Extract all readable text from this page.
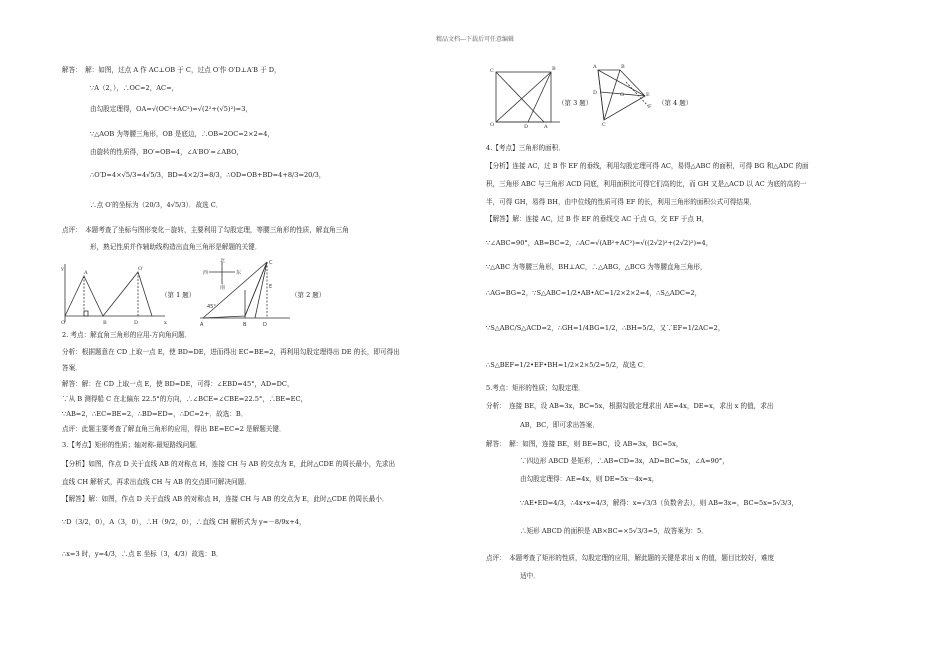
精品文档---下载后可任意编辑
解答：　解：如图，过点 A 作 AC⊥OB 于 C，过点 O′作 O′D⊥A′B 于 D，
∵A（2，），∴OC=2，AC=，
由勾股定理得，OA=√(OC²+AC²)=√(2²+(√5)²)=3，
∵△AOB 为等腰三角形，OB 是底边，∴OB=2OC=2×2=4，
由旋转的性质得，BO′=OB=4，∠A′BO′=∠ABO，
∴O′D=4×√5/3=4√5/3，BD=4×2/3=8/3，∴OD=OB+BD=4+8/3=20/3，
∴点 O′的坐标为（20/3，4√5/3）．故选 C．
点评：　本题考查了坐标与图形变化－旋转，主要利用了勾股定理，等腰三角形的性质，解直角三角
形，熟记性质并作辅助线构造出直角三角形是解题的关键．
2. 考点：解直角三角形的应用-方向角问题．
分析：根据题意在 CD 上取一点 E，使 BD=DE，进而得出 EC=BE=2，再利用勾股定理得出 DE 的长，即可得出
答案．
解答：解：在 CD 上取一点 E，使 BD=DE，可得：∠EBD=45°，AD=DC，
∵从 B 测得船 C 在北偏东 22.5°的方向，∴∠BCE=∠CBE=22.5°，∴BE=EC，
∵AB=2，∴EC=BE=2，∴BD=ED=，∴DC=2+．故选：B．
点评：此题主要考查了解直角三角形的应用，得出 BE=EC=2 是解题关键．
3.【考点】矩形的性质；轴对称-最短路线问题．
【分析】如图，作点 D 关于直线 AB 的对称点 H，连接 CH 与 AB 的交点为 E，此时△CDE 的周长最小，先求出
直线 CH 解析式，再求出直线 CH 与 AB 的交点即可解决问题．
【解答】解：如图，作点 D 关于直线 AB 的对称点 H，连接 CH 与 AB 的交点为 E，此时△CDE 的周长最小．
∵D（3/2，0），A（3，0），∴H（9/2，0），∴直线 CH 解析式为 y=－8/9x+4，
∴x=3 时，y=4/3，∴点 E 坐标（3，4/3）故选：B．
O
y
x
A
O′
B	D
（第 1 题）
北
西	东
南
45°
A	B	D
C
E
（第 2 题）
C
O	D	A
B
（第 3 题）
A	B
E
F
G
D
C
（第 4 题）
4.【考点】三角形的面积．
【分析】连接 AC，过 B 作 EF 的垂线，利用勾股定理可得 AC，易得△ABC 的面积，可得 BG 和△ADC 的面
积，三角形 ABC 与三角形 ACD 同底，利用面积比可得它们高的比，而 GH 又是△ACD 以 AC 为底的高的一
半，可得 GH，易得 BH，由中位线的性质可得 EF 的长，利用三角形的面积公式可得结果．
【解答】解：连接 AC，过 B 作 EF 的垂线交 AC 于点 G，交 EF 于点 H，
∵∠ABC=90°，AB=BC=2，∴AC=√(AB²+AC²)=√((2√2)²+(2√2)²)=4，
∵△ABC 为等腰三角形，BH⊥AC，∴△ABG，△BCG 为等腰直角三角形，
∴AG=BG=2，∵S△ABC=1/2•AB•AC=1/2×2×2=4，∴S△ADC=2，
∵S△ABC/S△ACD=2，∴GH=1/4BG=1/2，∴BH=5/2，又∵EF=1/2AC=2，
∴S△BEF=1/2•EF•BH=1/2×2×5/2=5/2，故选 C．
5.考点：矩形的性质；勾股定理．
分析：　连接 BE，设 AB=3x，BC=5x，根据勾股定理求出 AE=4x，DE=x，求出 x 的值，求出
AB，BC，即可求出答案．
解答：　解：如图，连接 BE，则 BE=BC，设 AB=3x，BC=5x，
∵四边形 ABCD 是矩形，∴AB=CD=3x，AD=BC=5x，∠A=90°，
由勾股定理得：AE=4x，则 DE=5x－4x=x，
∵AE•ED=4/3，∴4x•x=4/3，解得：x=√3/3（负数舍去），则 AB=3x=，BC=5x=5√3/3，
∴矩形 ABCD 的面积是 AB×BC=×5√3/3=5，故答案为：5．
点评：　本题考查了矩形的性质，勾股定理的应用，解此题的关键是求出 x 的值，题目比较好，难度
适中．
